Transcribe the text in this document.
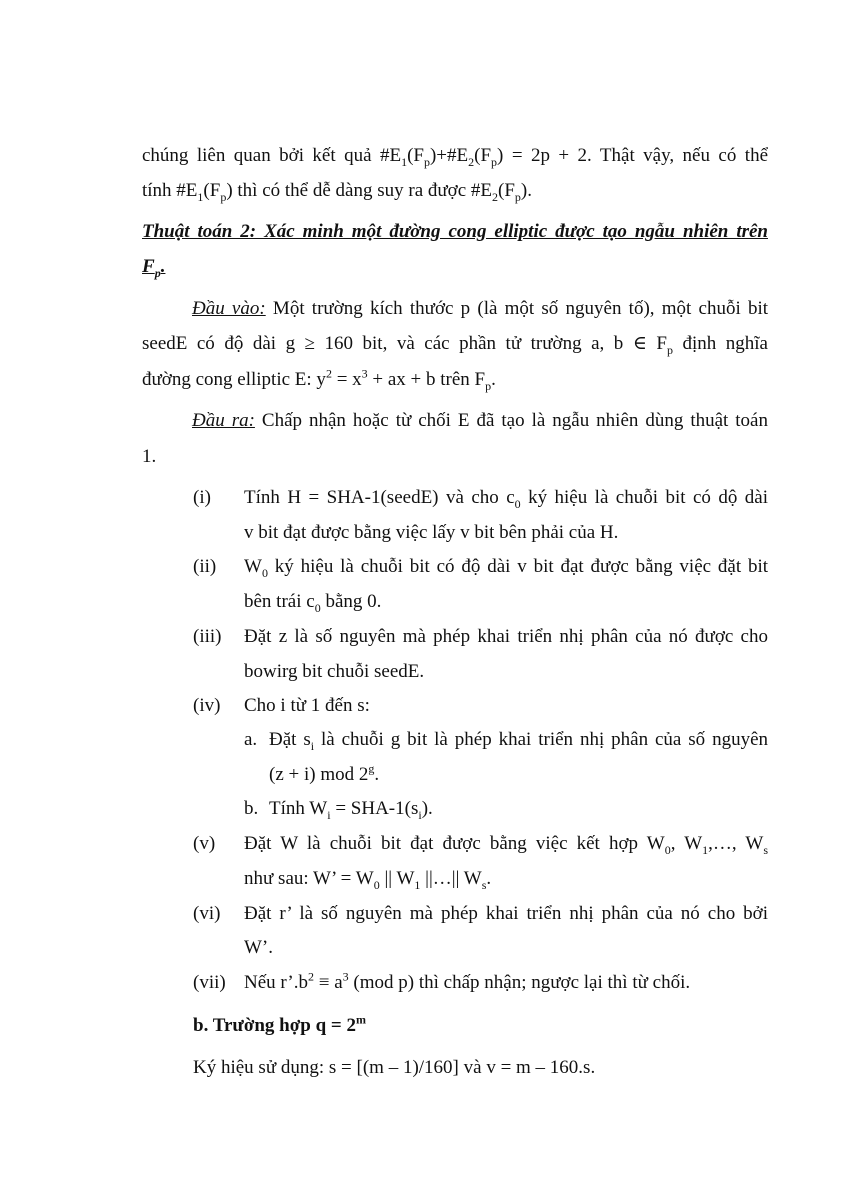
chúng liên quan bởi kết quả $\#E_1(F_p)+\#E_2(F_p) = 2p + 2$. Thật vậy, nếu có thể
tính $\#E_1(F_p)$ thì có thể dễ dàng suy ra được $\#E_2(F_p)$.
Thuật toán 2: Xác minh một đường cong elliptic được tạo ngẫu nhiên trên
$F_p$.
Đầu vào: Một trường kích thước p (là một số nguyên tố), một chuỗi bit
seedE có độ dài g ≥ 160 bit, và các phần tử trường a, b ∈ $F_p$ định nghĩa
đường cong elliptic E: $y^2 = x^3$ + ax + b trên $F_p$.
Đầu ra: Chấp nhận hoặc từ chối E đã tạo là ngẫu nhiên dùng thuật toán
1.
(i)	Tính H = SHA-1(seedE) và cho $c_0$ ký hiệu là chuỗi bit có dộ dài
v bit đạt được bằng việc lấy v bit bên phải của H.
(ii)	$W_0$ ký hiệu là chuỗi bit có độ dài v bit đạt được bằng việc đặt bit
bên trái $c_0$ bằng 0.
(iii)	Đặt z là số nguyên mà phép khai triển nhị phân của nó được cho
bowirg bit chuỗi seedE.
(iv)	Cho i từ 1 đến s:
a. Đặt $s_i$ là chuỗi g bit là phép khai triển nhị phân của số nguyên
(z + i) mod 2$^g$.
b. Tính $W_i = SHA-1(s_i)$.
(v)	Đặt W là chuỗi bit đạt được bằng việc kết hợp $W_0$, $W_1,\dots$, $W_s$
như sau: W’ = $W_0$ || $W_1$ ||…|| $W_s$.
(vi)	Đặt r’ là số nguyên mà phép khai triển nhị phân của nó cho bởi
W’.
(vii) Nếu $r’.b^2 \equiv a^3$ (mod p) thì chấp nhận; ngược lại thì từ chối.
b. Trường hợp $q = 2^m$
Ký hiệu sử dụng: s = [(m – 1)/160] và v = m – 160.s.
